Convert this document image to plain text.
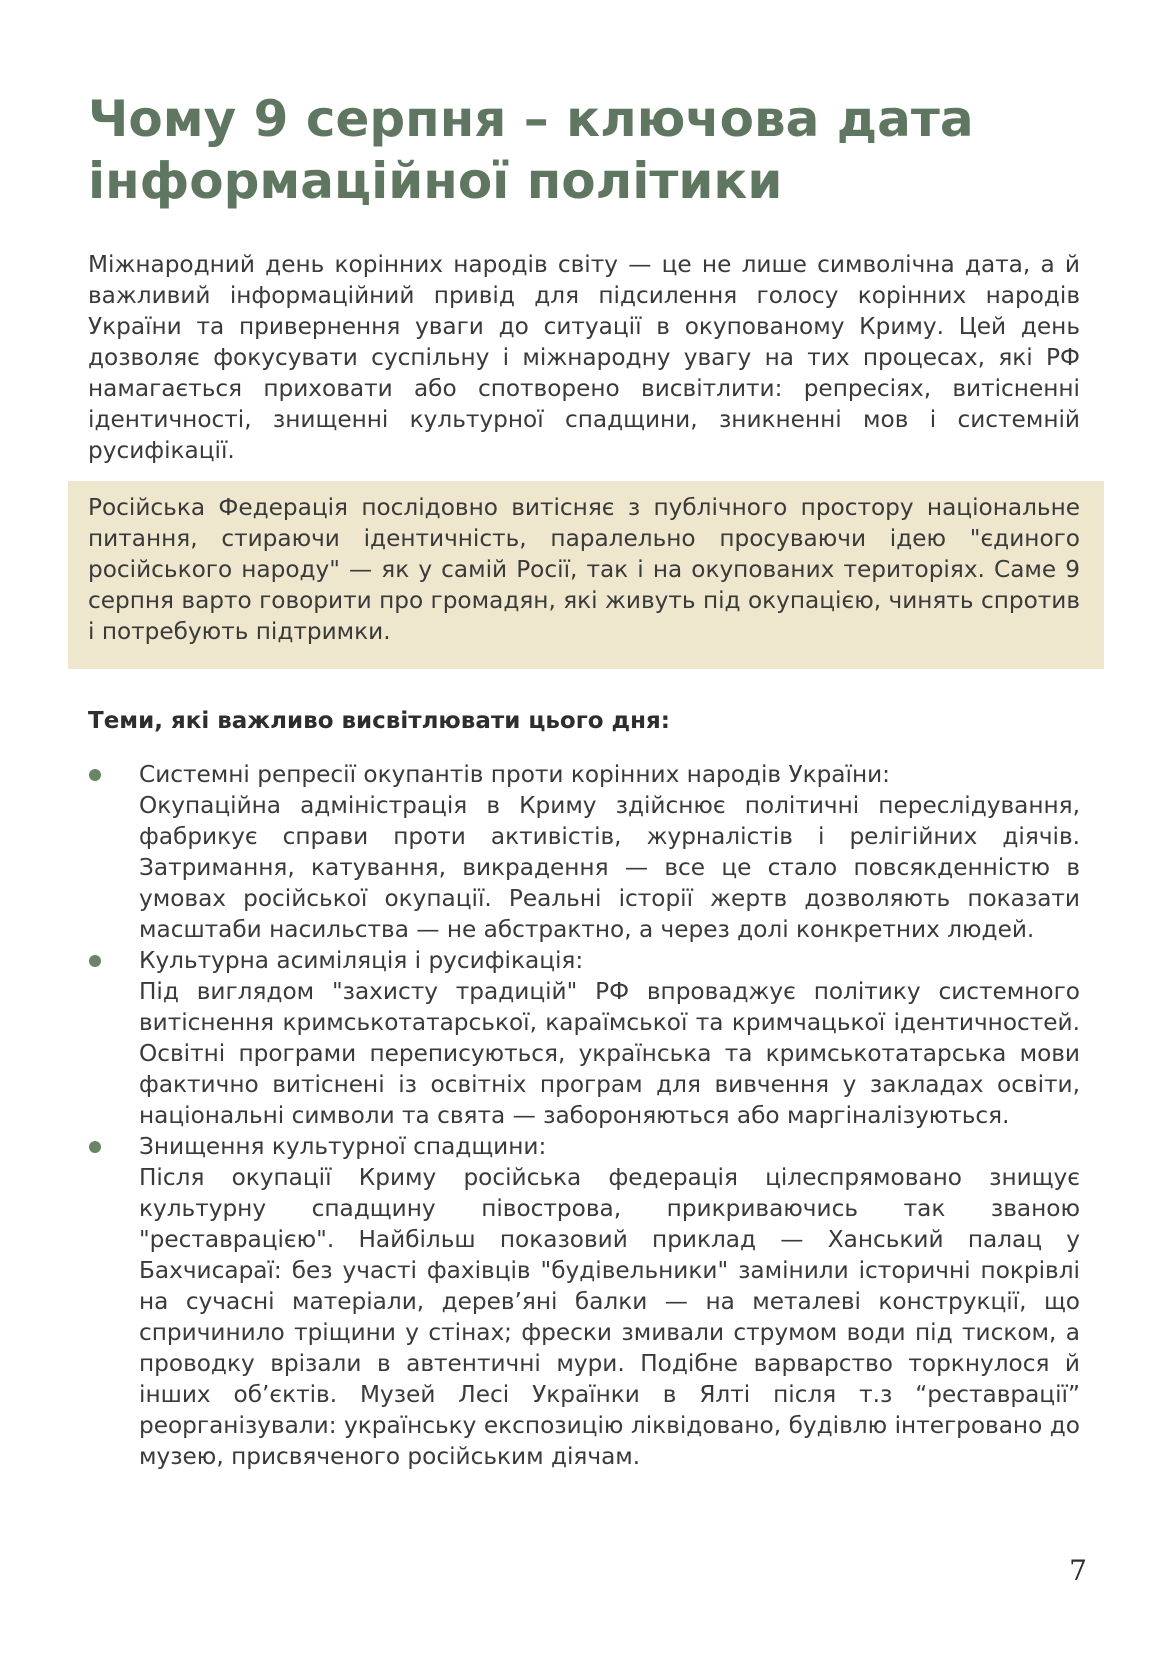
Чому 9 серпня – ключова дата інформаційної політики

Міжнародний день корінних народів світу — це не лише символічна дата, а й важливий інформаційний привід для підсилення голосу корінних народів України та привернення уваги до ситуації в окупованому Криму. Цей день дозволяє фокусувати суспільну і міжнародну увагу на тих процесах, які РФ намагається приховати або спотворено висвітлити: репресіях, витісненні ідентичності, знищенні культурної спадщини, зникненні мов і системній русифікації.

Російська Федерація послідовно витісняє з публічного простору національне питання, стираючи ідентичність, паралельно просуваючи ідею "єдиного російського народу" — як у самій Росії, так і на окупованих територіях. Саме 9 серпня варто говорити про громадян, які живуть під окупацією, чинять спротив і потребують підтримки.

Теми, які важливо висвітлювати цього дня:
Системні репресії окупантів проти корінних народів України:

Окупаційна адміністрація в Криму здійснює політичні переслідування, фабрикує справи проти активістів, журналістів і релігійних діячів. Затримання, катування, викрадення — все це стало повсякденністю в умовах російської окупації. Реальні історії жертв дозволяють показати масштаби насильства — не абстрактно, а через долі конкретних людей.

Культурна асиміляція і русифікація:

Під виглядом "захисту традицій" РФ впроваджує політику системного витіснення кримськотатарської, караїмської та кримчацької ідентичностей. Освітні програми переписуються, українська та кримськотатарська мови фактично витіснені із освітніх програм для вивчення у закладах освіти, національні символи та свята — забороняються або маргіналізуються.

Знищення культурної спадщини:

Після окупації Криму російська федерація цілеспрямовано знищує культурну спадщину півострова, прикриваючись так званою "реставрацією". Найбільш показовий приклад — Ханський палац у Бахчисараї: без участі фахівців "будівельники" замінили історичні покрівлі на сучасні матеріали, дерев’яні балки — на металеві конструкції, що спричинило тріщини у стінах; фрески змивали струмом води під тиском, а проводку врізали в автентичні мури. Подібне варварство торкнулося й інших об’єктів. Музей Лесі Українки в Ялті після т.з “реставрації” реорганізували: українську експозицію ліквідовано, будівлю інтегровано до музею, присвяченого російським діячам.

7
